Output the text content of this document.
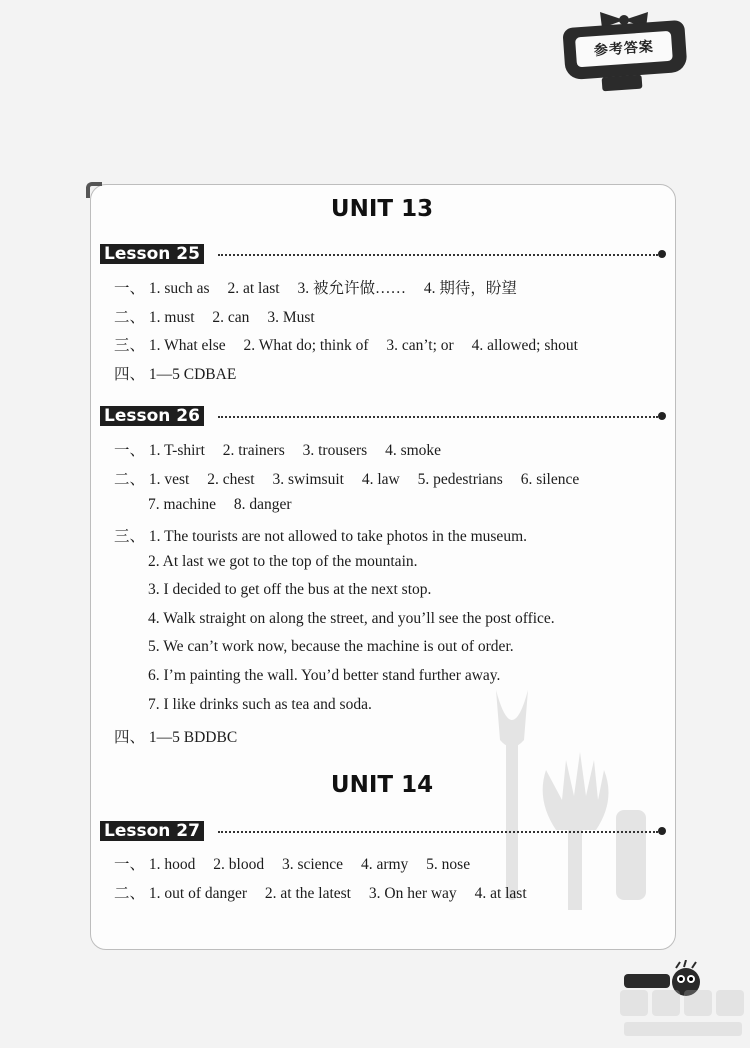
参考答案
UNIT 13
UNIT 14
Lesson 25
一、 1. such as 2. at last 3. 被允许做…… 4. 期待，盼望
二、 1. must 2. can 3. Must
三、 1. What else 2. What do; think of 3. can’t; or 4. allowed; shout
四、 1—5 CDBAE
Lesson 26
一、 1. T-shirt 2. trainers 3. trousers 4. smoke
二、 1. vest 2. chest 3. swimsuit 4. law 5. pedestrians 6. silence
7. machine 8. danger
三、 1. The tourists are not allowed to take photos in the museum.
2. At last we got to the top of the mountain.
3. I decided to get off the bus at the next stop.
4. Walk straight on along the street, and you’ll see the post office.
5. We can’t work now, because the machine is out of order.
6. I’m painting the wall. You’d better stand further away.
7. I like drinks such as tea and soda.
四、 1—5 BDDBC
Lesson 27
一、 1. hood 2. blood 3. science 4. army 5. nose
二、 1. out of danger 2. at the latest 3. On her way 4. at last
